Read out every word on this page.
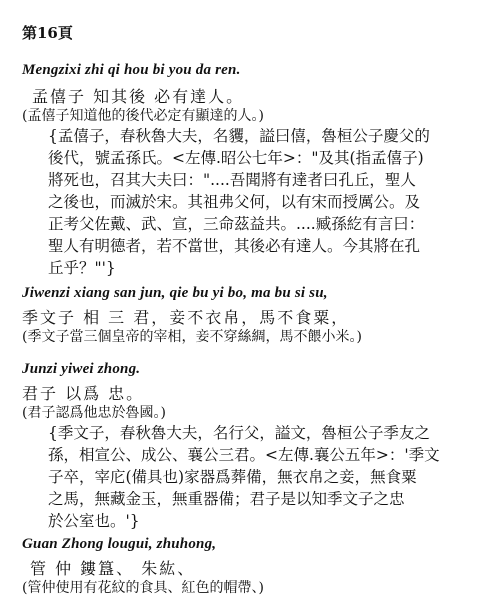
第16頁
Mengzixi zhi qi hou bi you da ren.
孟僖子 知其後 必有達人。
(孟僖子知道他的後代必定有顯達的人。)
{孟僖子，春秋魯大夫，名貜，謚曰僖，魯桓公子慶父的
後代，號孟孫氏。<左傳.昭公七年>："及其(指孟僖子)
將死也，召其大夫曰："....吾聞將有達者曰孔丘，聖人
之後也，而滅於宋。其祖弗父何，以有宋而授厲公。及
正考父佐戴、武、宣，三命茲益共。....臧孫紇有言曰：
聖人有明德者，若不當世，其後必有達人。今其將在孔
丘乎？"'}
Jiwenzi xiang san jun, qie bu yi bo, ma bu si su,
季文子 相 三 君，妾不衣帛，馬不食粟，
(季文子當三個皇帝的宰相，妾不穿絲綢，馬不餵小米。)
Junzi yiwei zhong.
君子 以爲 忠。
(君子認爲他忠於魯國。)
{季文子，春秋魯大夫，名行父，謚文，魯桓公子季友之
孫，相宣公、成公、襄公三君。<左傳.襄公五年>：'季文
子卒，宰庀(備具也)家器爲葬備，無衣帛之妾，無食粟
之馬，無藏金玉，無重器備；君子是以知季文子之忠
於公室也。'}
Guan Zhong lougui, zhuhong,
管 仲 鏤簋、 朱紘、
(管仲使用有花紋的食具、紅色的帽帶、)
